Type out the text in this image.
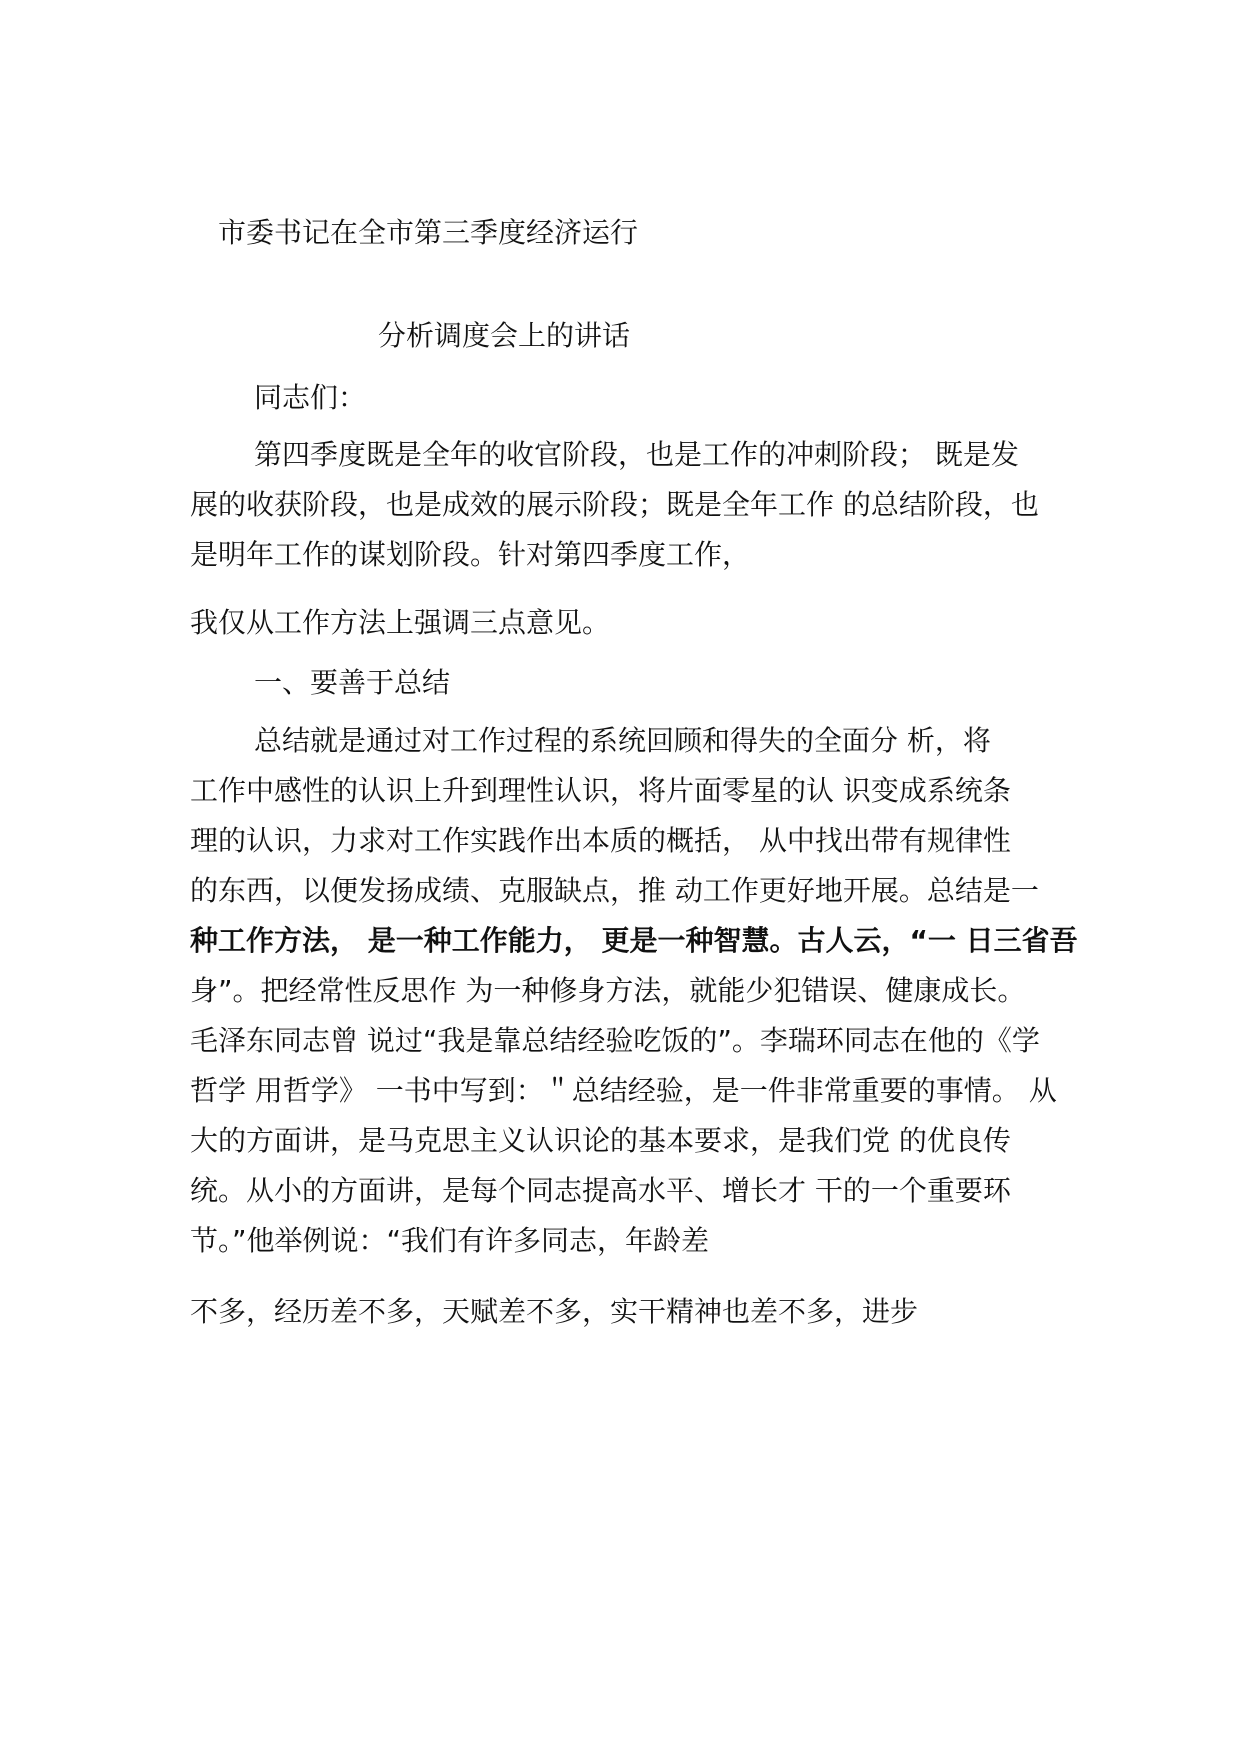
市委书记在全市第三季度经济运行
分析调度会上的讲话
同志们：
第四季度既是全年的收官阶段，也是工作的冲刺阶段； 既是发
展的收获阶段，也是成效的展示阶段；既是全年工作 的总结阶段，也
是明年工作的谋划阶段。针对第四季度工作，
我仅从工作方法上强调三点意见。
一、要善于总结
总结就是通过对工作过程的系统回顾和得失的全面分 析，将
工作中感性的认识上升到理性认识，将片面零星的认 识变成系统条
理的认识，力求对工作实践作出本质的概括， 从中找出带有规律性
的东西，以便发扬成绩、克服缺点，推 动工作更好地开展。总结是一
种工作方法， 是一种工作能力， 更是一种智慧。古人云，“一 日三省吾
身”。把经常性反思作 为一种修身方法，就能少犯错误、健康成长。
毛泽东同志曾 说过“我是靠总结经验吃饭的”。李瑞环同志在他的《学
哲学 用哲学》 一书中写到：＂总结经验，是一件非常重要的事情。 从
大的方面讲，是马克思主义认识论的基本要求，是我们党 的优良传
统。从小的方面讲，是每个同志提高水平、增长才 干的一个重要环
节。”他举例说：“我们有许多同志，年龄差
不多，经历差不多，天赋差不多，实干精神也差不多，进步
